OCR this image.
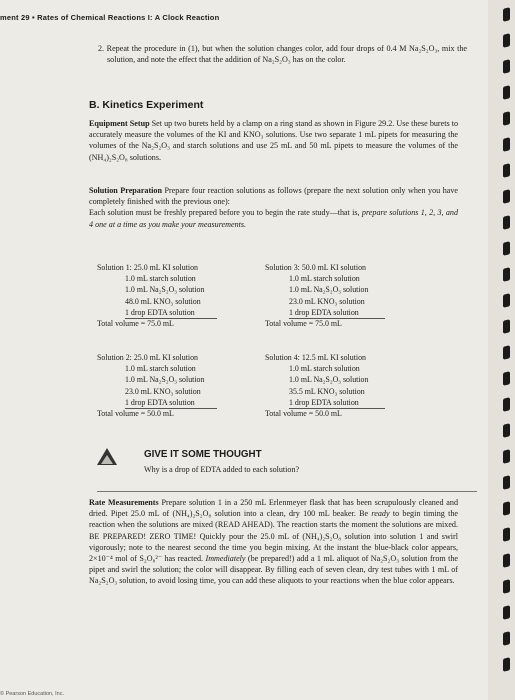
ment 29 • Rates of Chemical Reactions I: A Clock Reaction

2. Repeat the procedure in (1), but when the solution changes color, add four drops of 0.4 M Na₂S₂O₃, mix the solution, and note the effect that the addition of Na₂S₂O₃ has on the color.

B. Kinetics Experiment

Equipment Setup Set up two burets held by a clamp on a ring stand as shown in Figure 29.2. Use these burets to accurately measure the volumes of the KI and KNO₃ solutions. Use two separate 1 mL pipets for measuring the volumes of the Na₂S₂O₃ and starch solutions and use 25 mL and 50 mL pipets to measure the volumes of the (NH₄)₂S₂O₈ solutions.

Solution Preparation Prepare four reaction solutions as follows (prepare the next solution only when you have completely finished with the previous one):

Each solution must be freshly prepared before you to begin the rate study—that is, prepare solutions 1, 2, 3, and 4 one at a time as you make your measurements.

Solution 1: 25.0 mL KI solution
1.0 mL starch solution
1.0 mL Na₂S₂O₃ solution
48.0 mL KNO₃ solution
1 drop EDTA solution
Total volume = 75.0 mL
Solution 2: 25.0 mL KI solution
1.0 mL starch solution
1.0 mL Na₂S₂O₃ solution
23.0 mL KNO₃ solution
1 drop EDTA solution
Total volume = 50.0 mL
Solution 3: 50.0 mL KI solution
1.0 mL starch solution
1.0 mL Na₂S₂O₃ solution
23.0 mL KNO₃ solution
1 drop EDTA solution
Total volume = 75.0 mL
Solution 4: 12.5 mL KI solution
1.0 mL starch solution
1.0 mL Na₂S₂O₃ solution
35.5 mL KNO₃ solution
1 drop EDTA solution
Total volume = 50.0 mL
GIVE IT SOME THOUGHT
Why is a drop of EDTA added to each solution?

Rate Measurements Prepare solution 1 in a 250 mL Erlenmeyer flask that has been scrupulously cleaned and dried. Pipet 25.0 mL of (NH₄)₂S₂O₈ solution into a clean, dry 100 mL beaker. Be ready to begin timing the reaction when the solutions are mixed (READ AHEAD). The reaction starts the moment the solutions are mixed. BE PREPARED! ZERO TIME! Quickly pour the 25.0 mL of (NH₄)₂S₂O₈ solution into solution 1 and swirl vigorously; note to the nearest second the time you begin mixing. At the instant the blue-black color appears, 2×10⁻⁴ mol of S₂O₈²⁻ has reacted. Immediately (be prepared!) add a 1 mL aliquot of Na₂S₂O₃ solution from the pipet and swirl the solution; the color will disappear. By filling each of seven clean, dry test tubes with 1 mL of Na₂S₂O₃ solution, to avoid losing time, you can add these aliquots to your reactions when the blue color appears.

© Pearson Education, Inc.
